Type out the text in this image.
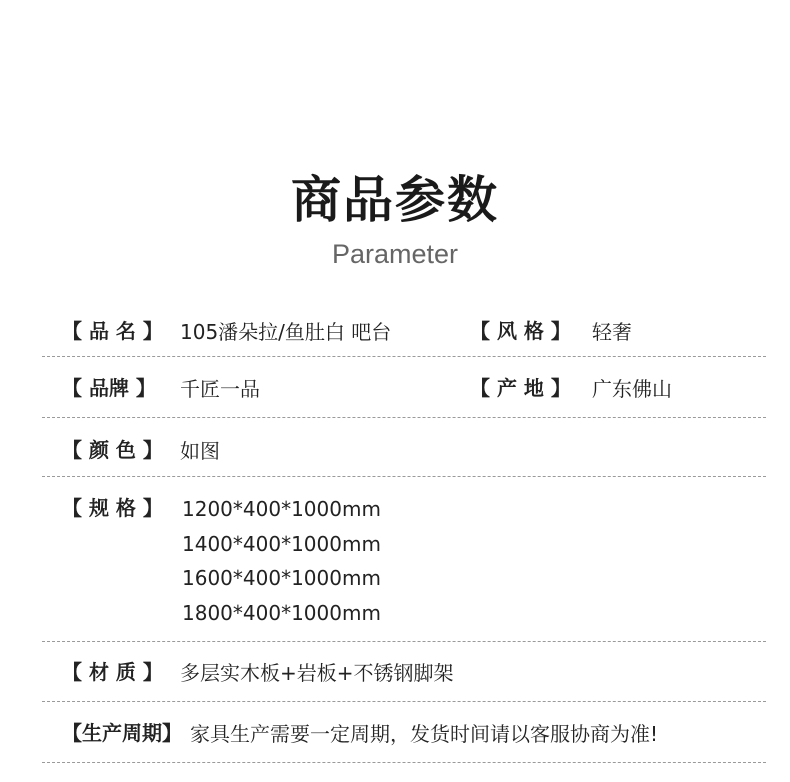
商品参数
Parameter
【 品 名 】 105潘朵拉/鱼肚白 吧台	【 风 格 】 轻奢
【 品牌 】 千匠一品	【 产 地 】 广东佛山
【 颜 色 】 如图
【 规 格 】 1200*400*1000mm
1400*400*1000mm
1600*400*1000mm
1800*400*1000mm
【 材 质 】 多层实木板+岩板+不锈钢脚架
【生产周期】 家具生产需要一定周期，发货时间请以客服协商为准!
